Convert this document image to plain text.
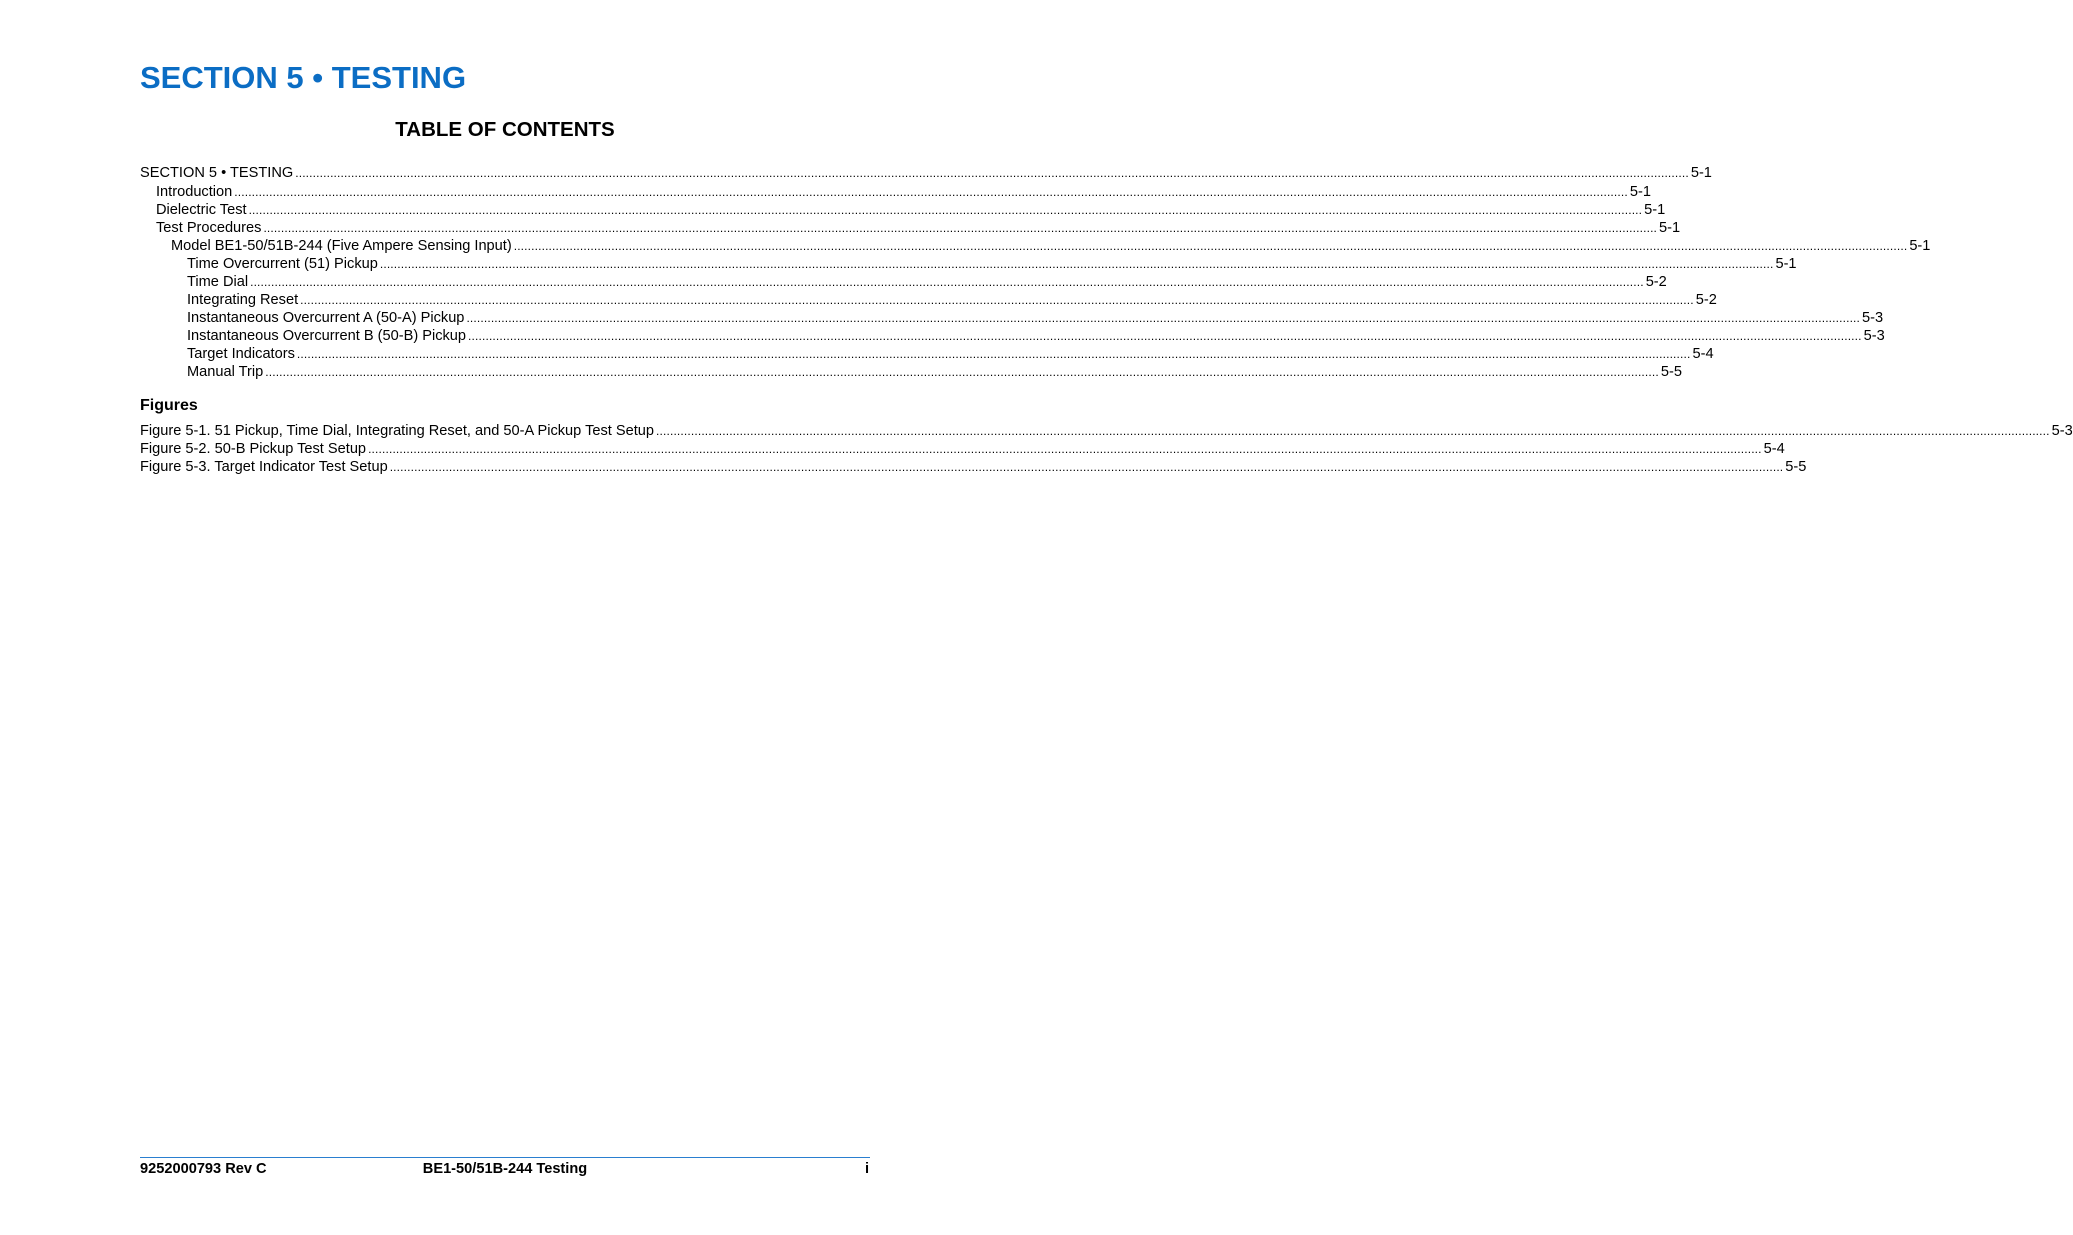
SECTION 5 • TESTING
TABLE OF CONTENTS
SECTION 5 • TESTING ................................................................................................................................................................................................................................................................................................................................................................................................................ 5-1
Introduction ................................................................................................................................................................................................................................................................................................................................................................................................................ 5-1
Dielectric Test ................................................................................................................................................................................................................................................................................................................................................................................................................ 5-1
Test Procedures ................................................................................................................................................................................................................................................................................................................................................................................................................ 5-1
Model BE1-50/51B-244 (Five Ampere Sensing Input) ................................................................................................................................................................................................................................................................................................................................................................................................................ 5-1
Time Overcurrent (51) Pickup ................................................................................................................................................................................................................................................................................................................................................................................................................ 5-1
Time Dial ................................................................................................................................................................................................................................................................................................................................................................................................................ 5-2
Integrating Reset ................................................................................................................................................................................................................................................................................................................................................................................................................ 5-2
Instantaneous Overcurrent A (50-A) Pickup ................................................................................................................................................................................................................................................................................................................................................................................................................ 5-3
Instantaneous Overcurrent B (50-B) Pickup ................................................................................................................................................................................................................................................................................................................................................................................................................ 5-3
Target Indicators ................................................................................................................................................................................................................................................................................................................................................................................................................ 5-4
Manual Trip ................................................................................................................................................................................................................................................................................................................................................................................................................ 5-5
Figures
Figure 5-1. 51 Pickup, Time Dial, Integrating Reset, and 50-A Pickup Test Setup ................................................................................................................................................................................................................................................................................................................................................................................................................ 5-3
Figure 5-2. 50-B Pickup Test Setup ................................................................................................................................................................................................................................................................................................................................................................................................................ 5-4
Figure 5-3. Target Indicator Test Setup ................................................................................................................................................................................................................................................................................................................................................................................................................ 5-5
BE1-50/51B-244 Testing
9252000793 Rev C	i
